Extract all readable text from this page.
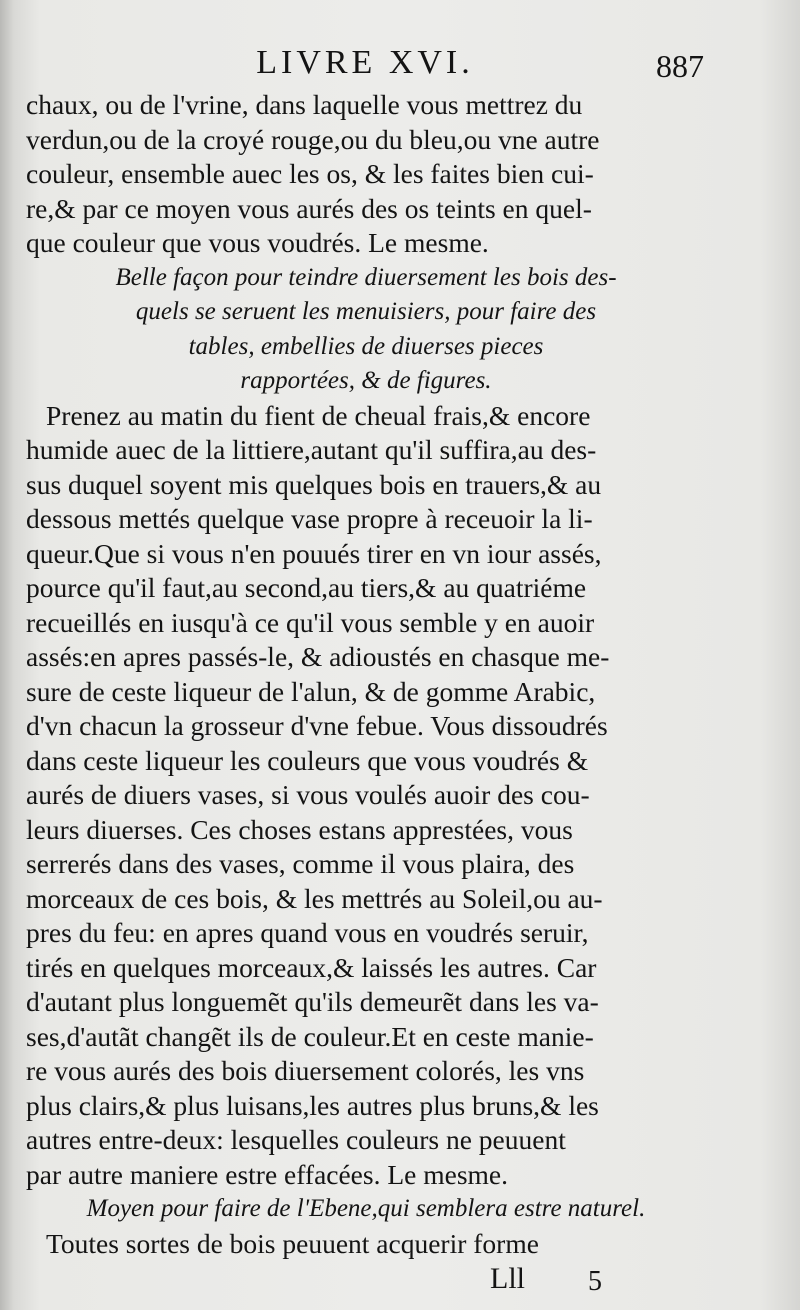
LIVRE XVI.	887
chaux, ou de l'vrine, dans laquelle vous mettrez du
verdun,ou de la croyé rouge,ou du bleu,ou vne autre
couleur, ensemble auec les os, & les faites bien cui-
re,& par ce moyen vous aurés des os teints en quel-
que couleur que vous voudrés. Le mesme.
Belle façon pour teindre diuersement les bois des-
quels se seruent les menuisiers, pour faire des
tables, embellies de diuerses pieces
rapportées, & de figures.
Prenez au matin du fient de cheual frais,& encore
humide auec de la littiere,autant qu'il suffira,au des-
sus duquel soyent mis quelques bois en trauers,& au
dessous mettés quelque vase propre à receuoir la li-
queur.Que si vous n'en pouués tirer en vn iour assés,
pource qu'il faut,au second,au tiers,& au quatriéme
recueillés en iusqu'à ce qu'il vous semble y en auoir
assés:en apres passés-le, & adioustés en chasque me-
sure de ceste liqueur de l'alun, & de gomme Arabic,
d'vn chacun la grosseur d'vne febue. Vous dissoudrés
dans ceste liqueur les couleurs que vous voudrés &
aurés de diuers vases, si vous voulés auoir des cou-
leurs diuerses. Ces choses estans apprestées, vous
serrerés dans des vases, comme il vous plaira, des
morceaux de ces bois, & les mettrés au Soleil,ou au-
pres du feu: en apres quand vous en voudrés seruir,
tirés en quelques morceaux,& laissés les autres. Car
d'autant plus longuemẽt qu'ils demeurẽt dans les va-
ses,d'autãt changẽt ils de couleur.Et en ceste manie-
re vous aurés des bois diuersement colorés, les vns
plus clairs,& plus luisans,les autres plus bruns,& les
autres entre-deux: lesquelles couleurs ne peuuent
par autre maniere estre effacées. Le mesme.
Moyen pour faire de l'Ebene,qui semblera estre naturel.
Toutes sortes de bois peuuent acquerir forme
Lll 5
